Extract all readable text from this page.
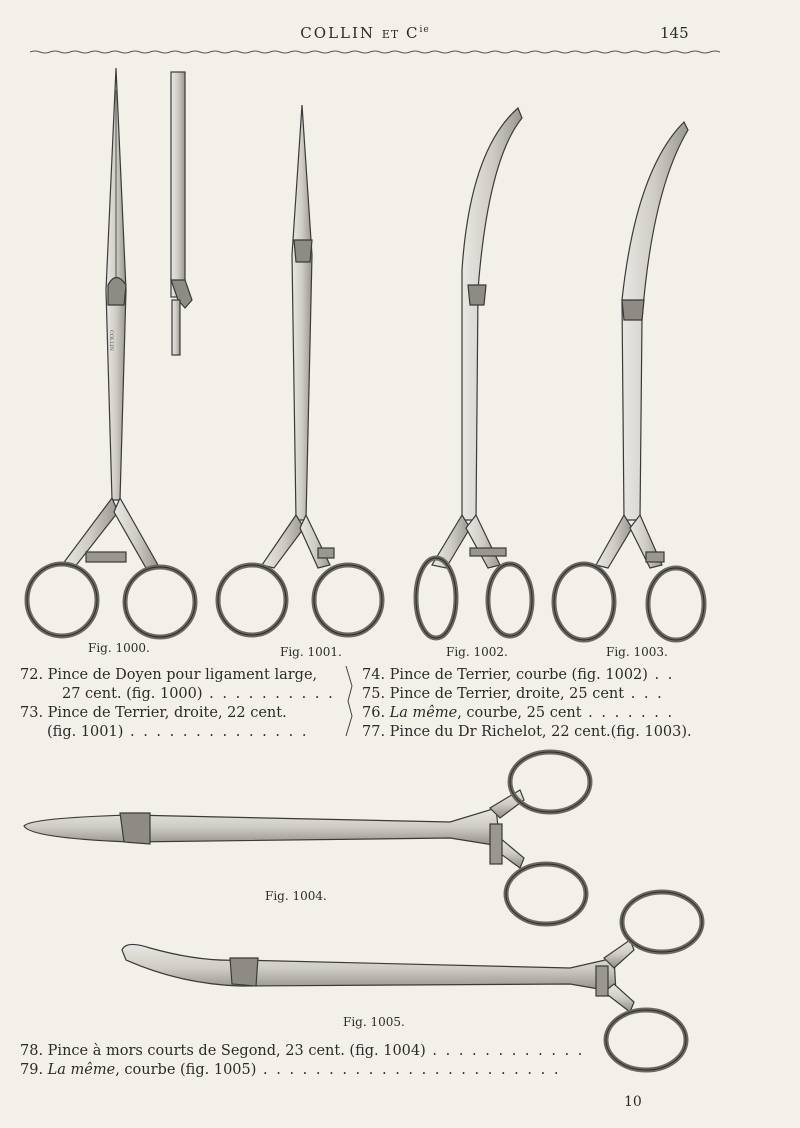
COLLIN ET $C^{ie}$	145
COLLIN
Fig. 1000.	Fig. 1001.	Fig. 1002.	Fig. 1003.
Fig. 1004.
Fig. 1005.
72. Pince de Doyen pour ligament large,
27 cent. (fig. 1000) . . . . . . . . . .
73. Pince de Terrier, droite, 22 cent.
(fig. 1001) . . . . . . . . . . . . . .
74. Pince de Terrier, courbe (fig. 1002) . .
75. Pince de Terrier, droite, 25 cent . . .
76. La même, courbe, 25 cent . . . . . . .
77. Pince du Dr Richelot, 22 cent.(fig. 1003).
78. Pince à mors courts de Segond, 23 cent. (fig. 1004) . . . . . . . . . . . .
79. La même, courbe (fig. 1005) . . . . . . . . . . . . . . . . . . . . . . .
10
